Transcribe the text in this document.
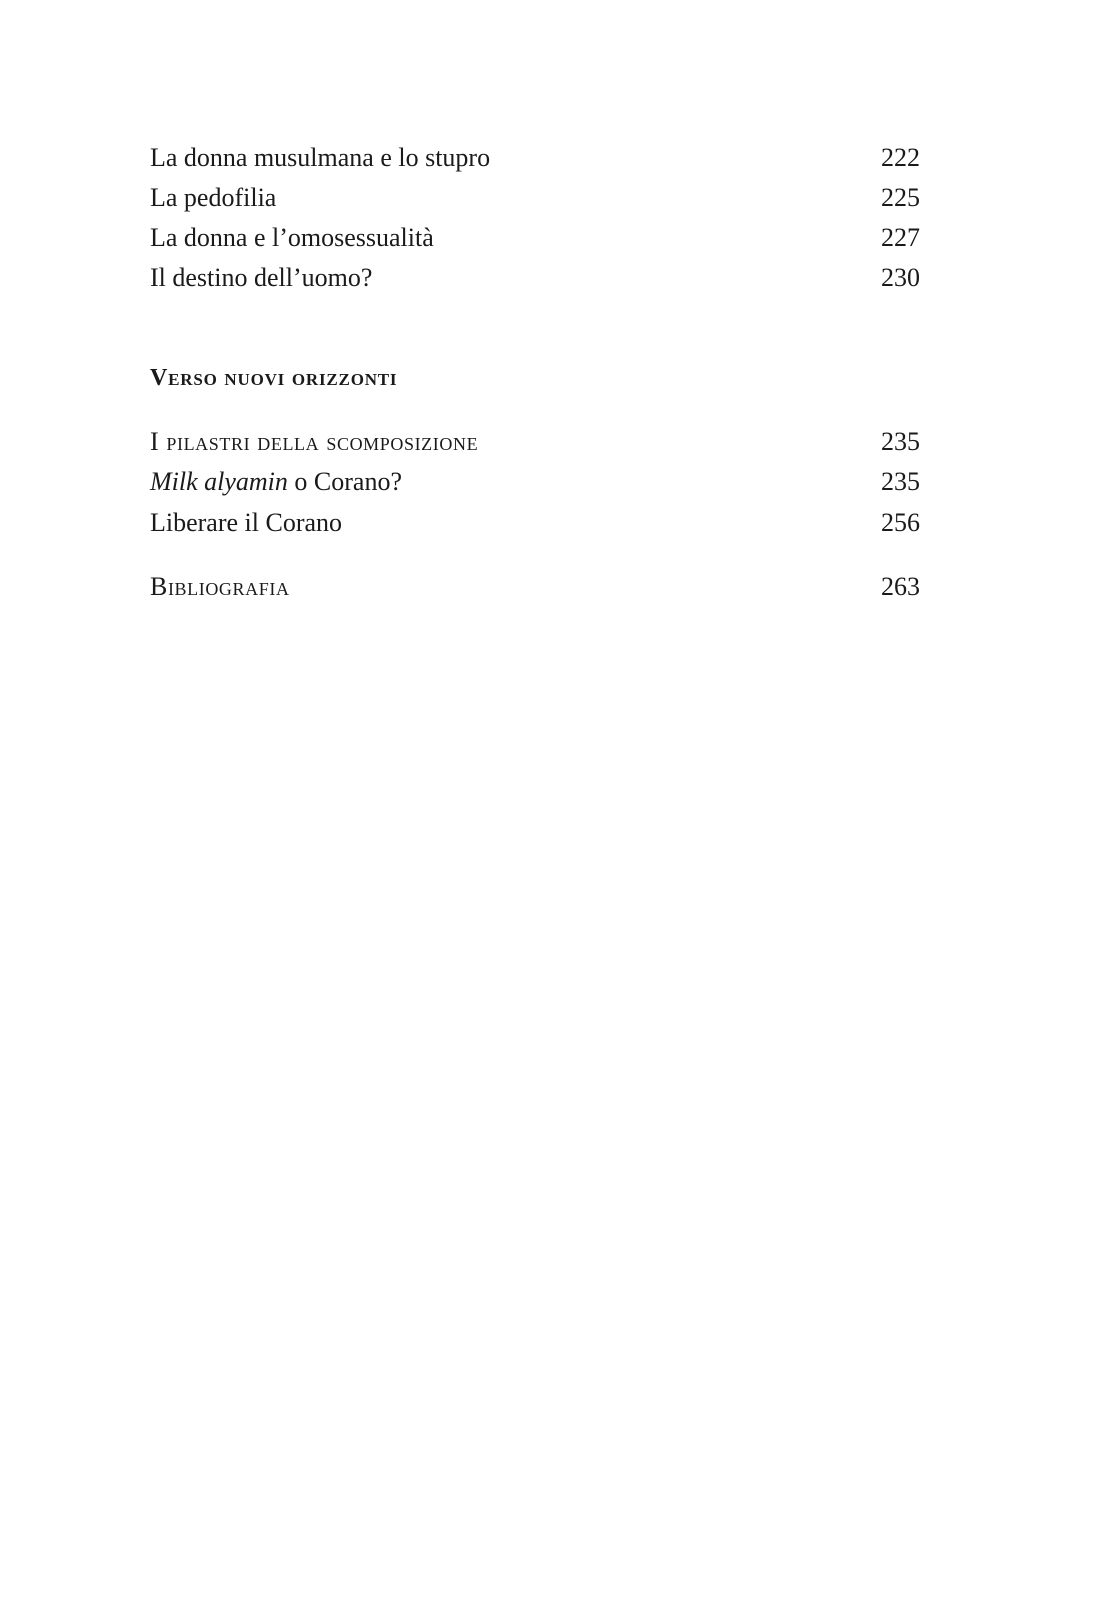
La donna musulmana e lo stupro	222
La pedofilia	225
La donna e l’omosessualità	227
Il destino dell’uomo?	230
Verso nuovi orizzonti
I pilastri della scomposizione	235
Milk alyamin o Corano?	235
Liberare il Corano	256
Bibliografia	263
